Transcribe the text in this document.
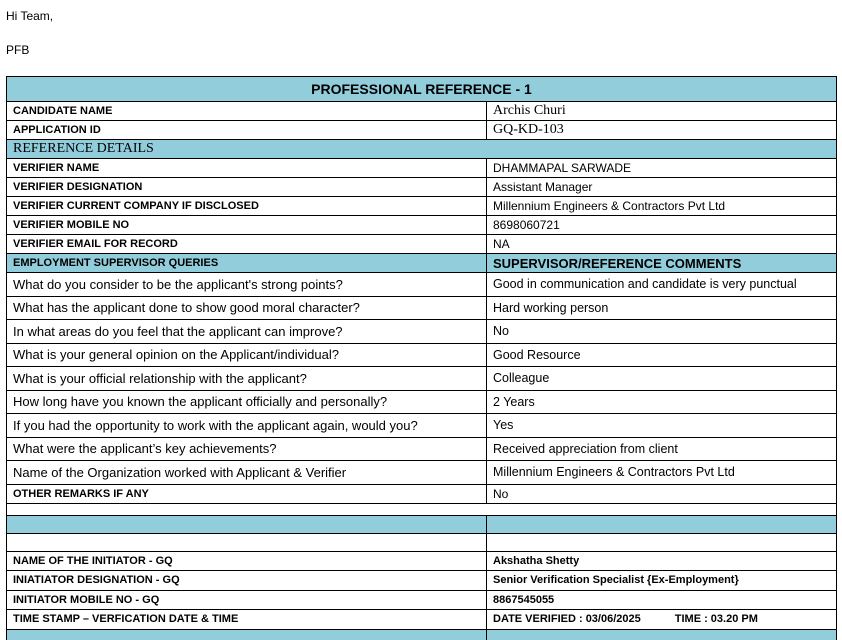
Hi Team,
PFB
PROFESSIONAL REFERENCE - 1	
CANDIDATE NAME	Archis Churi
APPLICATION ID	GQ-KD-103
REFERENCE DETAILS	
VERIFIER NAME	DHAMMAPAL SARWADE
VERIFIER DESIGNATION	Assistant Manager
VERIFIER CURRENT COMPANY IF DISCLOSED	Millennium Engineers & Contractors Pvt Ltd
VERIFIER MOBILE NO	8698060721
VERIFIER EMAIL FOR RECORD	NA
EMPLOYMENT SUPERVISOR QUERIES	SUPERVISOR/REFERENCE COMMENTS
What do you consider to be the applicant's strong points?	Good in communication and candidate is very punctual
What has the applicant done to show good moral character?	Hard working person
In what areas do you feel that the applicant can improve?	No
What is your general opinion on the Applicant/individual?	Good Resource
What is your official relationship with the applicant?	Colleague
How long have you known the applicant officially and personally?	2 Years
If you had the opportunity to work with the applicant again, would you?	Yes
What were the applicant’s key achievements?	Received appreciation from client
Name of the Organization worked with Applicant & Verifier	Millennium Engineers & Contractors Pvt Ltd
OTHER REMARKS IF ANY	No

NAME OF THE INITIATOR - GQ	Akshatha Shetty
INIATIATOR DESIGNATION - GQ	Senior Verification Specialist {Ex-Employment}
INITIATOR MOBILE NO - GQ	8867545055
TIME STAMP – VERFICATION DATE & TIME	DATE VERIFIED : 03/06/2025 TIME : 03.20 PM
